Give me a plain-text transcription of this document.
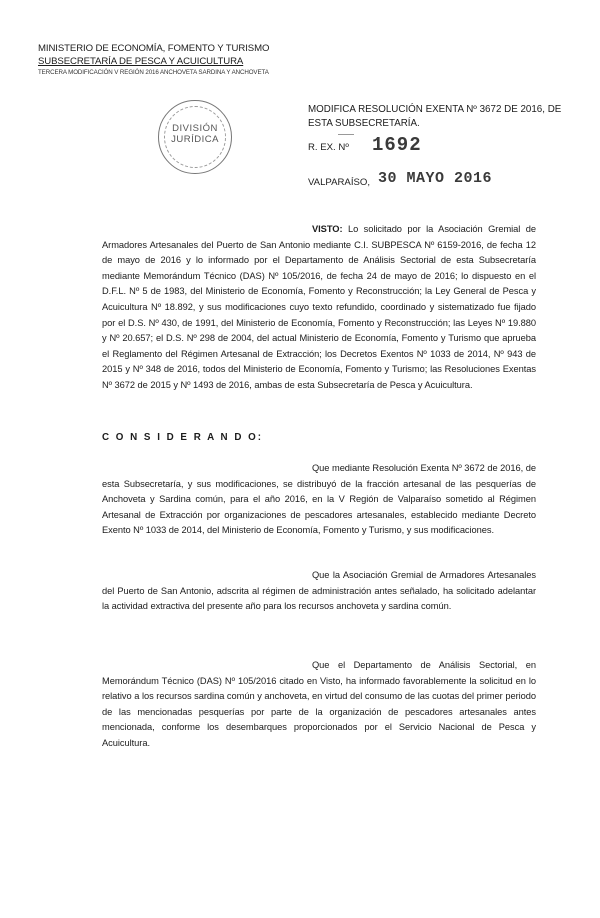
MINISTERIO DE ECONOMÍA, FOMENTO Y TURISMO
SUBSECRETARÍA DE PESCA Y ACUICULTURA
TERCERA MODIFICACIÓN V REGIÓN 2016 ANCHOVETA SARDINA Y ANCHOVETA
DIVISIÓN
JURÍDICA
MODIFICA RESOLUCIÓN EXENTA Nº 3672 DE 2016, DE ESTA SUBSECRETARÍA.
R. EX. Nº 1692
VALPARAÍSO, 30 MAYO 2016
VISTO: Lo solicitado por la Asociación Gremial de Armadores Artesanales del Puerto de San Antonio mediante C.I. SUBPESCA Nº 6159-2016, de fecha 12 de mayo de 2016 y lo informado por el Departamento de Análisis Sectorial de esta Subsecretaría mediante Memorándum Técnico (DAS) Nº 105/2016, de fecha 24 de mayo de 2016; lo dispuesto en el D.F.L. Nº 5 de 1983, del Ministerio de Economía, Fomento y Reconstrucción; la Ley General de Pesca y Acuicultura Nº 18.892, y sus modificaciones cuyo texto refundido, coordinado y sistematizado fue fijado por el D.S. Nº 430, de 1991, del Ministerio de Economía, Fomento y Reconstrucción; las Leyes Nº 19.880 y Nº 20.657; el D.S. Nº 298 de 2004, del actual Ministerio de Economía, Fomento y Turismo que aprueba el Reglamento del Régimen Artesanal de Extracción; los Decretos Exentos Nº 1033 de 2014, Nº 943 de 2015 y Nº 348 de 2016, todos del Ministerio de Economía, Fomento y Turismo; las Resoluciones Exentas Nº 3672 de 2015 y Nº 1493 de 2016, ambas de esta Subsecretaría de Pesca y Acuicultura.
C O N S I D E R A N D O:
Que mediante Resolución Exenta Nº 3672 de 2016, de esta Subsecretaría, y sus modificaciones, se distribuyó de la fracción artesanal de las pesquerías de Anchoveta y Sardina común, para el año 2016, en la V Región de Valparaíso sometido al Régimen Artesanal de Extracción por organizaciones de pescadores artesanales, establecido mediante Decreto Exento Nº 1033 de 2014, del Ministerio de Economía, Fomento y Turismo, y sus modificaciones.
Que la Asociación Gremial de Armadores Artesanales del Puerto de San Antonio, adscrita al régimen de administración antes señalado, ha solicitado adelantar la actividad extractiva del presente año para los recursos anchoveta y sardina común.
Que el Departamento de Análisis Sectorial, en Memorándum Técnico (DAS) Nº 105/2016 citado en Visto, ha informado favorablemente la solicitud en lo relativo a los recursos sardina común y anchoveta, en virtud del consumo de las cuotas del primer periodo de las mencionadas pesquerías por parte de la organización de pescadores artesanales antes mencionada, conforme los desembarques proporcionados por el Servicio Nacional de Pesca y Acuicultura.
